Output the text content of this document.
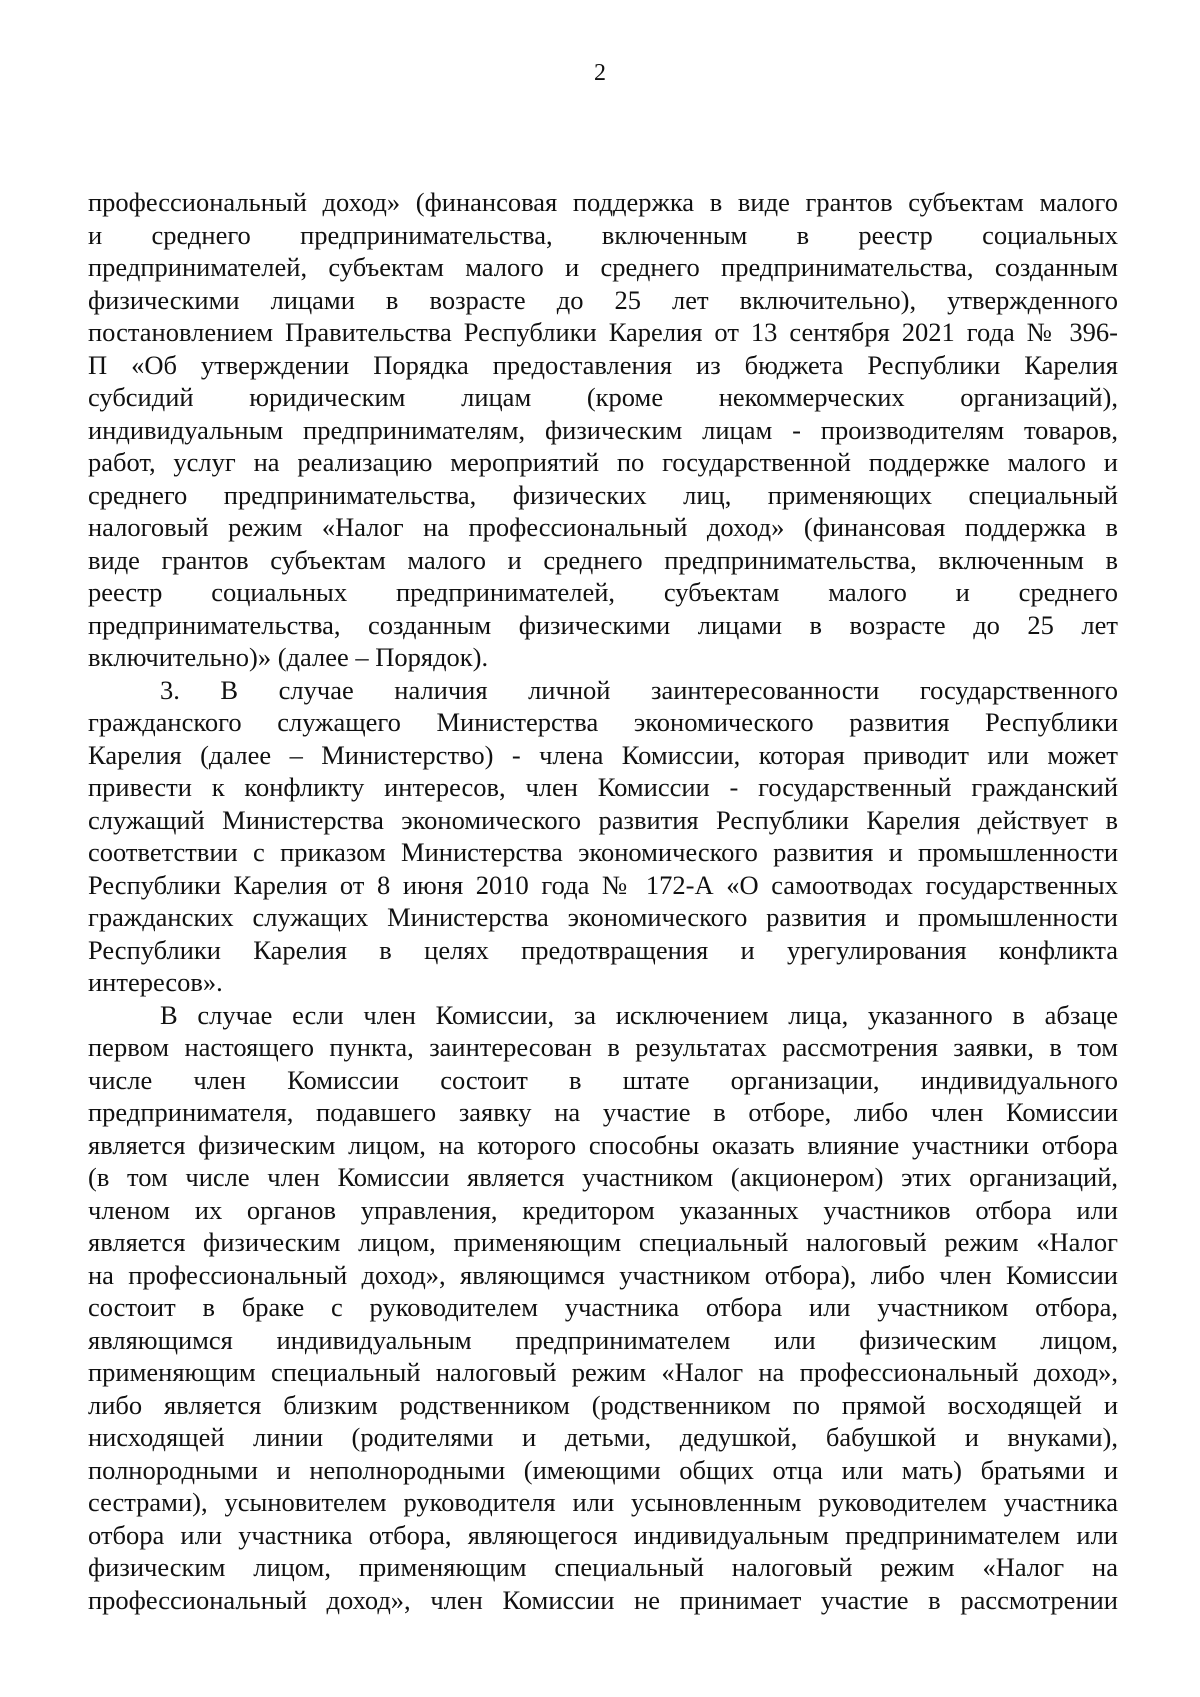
2
профессиональный доход» (финансовая поддержка в виде грантов субъектам малого
и среднего предпринимательства, включенным в реестр социальных
предпринимателей, субъектам малого и среднего предпринимательства, созданным
физическими лицами в возрасте до 25 лет включительно), утвержденного
постановлением Правительства Республики Карелия от 13 сентября 2021 года № 396-
П «Об утверждении Порядка предоставления из бюджета Республики Карелия
субсидий юридическим лицам (кроме некоммерческих организаций),
индивидуальным предпринимателям, физическим лицам - производителям товаров,
работ, услуг на реализацию мероприятий по государственной поддержке малого и
среднего предпринимательства, физических лиц, применяющих специальный
налоговый режим «Налог на профессиональный доход» (финансовая поддержка в
виде грантов субъектам малого и среднего предпринимательства, включенным в
реестр социальных предпринимателей, субъектам малого и среднего
предпринимательства, созданным физическими лицами в возрасте до 25 лет
включительно)» (далее – Порядок).
3. В случае наличия личной заинтересованности государственного
гражданского служащего Министерства экономического развития Республики
Карелия (далее – Министерство) - члена Комиссии, которая приводит или может
привести к конфликту интересов, член Комиссии - государственный гражданский
служащий Министерства экономического развития Республики Карелия действует в
соответствии с приказом Министерства экономического развития и промышленности
Республики Карелия от 8 июня 2010 года № 172-А «О самоотводах государственных
гражданских служащих Министерства экономического развития и промышленности
Республики Карелия в целях предотвращения и урегулирования конфликта
интересов».
В случае если член Комиссии, за исключением лица, указанного в абзаце
первом настоящего пункта, заинтересован в результатах рассмотрения заявки, в том
числе член Комиссии состоит в штате организации, индивидуального
предпринимателя, подавшего заявку на участие в отборе, либо член Комиссии
является физическим лицом, на которого способны оказать влияние участники отбора
(в том числе член Комиссии является участником (акционером) этих организаций,
членом их органов управления, кредитором указанных участников отбора или
является физическим лицом, применяющим специальный налоговый режим «Налог
на профессиональный доход», являющимся участником отбора), либо член Комиссии
состоит в браке с руководителем участника отбора или участником отбора,
являющимся индивидуальным предпринимателем или физическим лицом,
применяющим специальный налоговый режим «Налог на профессиональный доход»,
либо является близким родственником (родственником по прямой восходящей и
нисходящей линии (родителями и детьми, дедушкой, бабушкой и внуками),
полнородными и неполнородными (имеющими общих отца или мать) братьями и
сестрами), усыновителем руководителя или усыновленным руководителем участника
отбора или участника отбора, являющегося индивидуальным предпринимателем или
физическим лицом, применяющим специальный налоговый режим «Налог на
профессиональный доход», член Комиссии не принимает участие в рассмотрении
